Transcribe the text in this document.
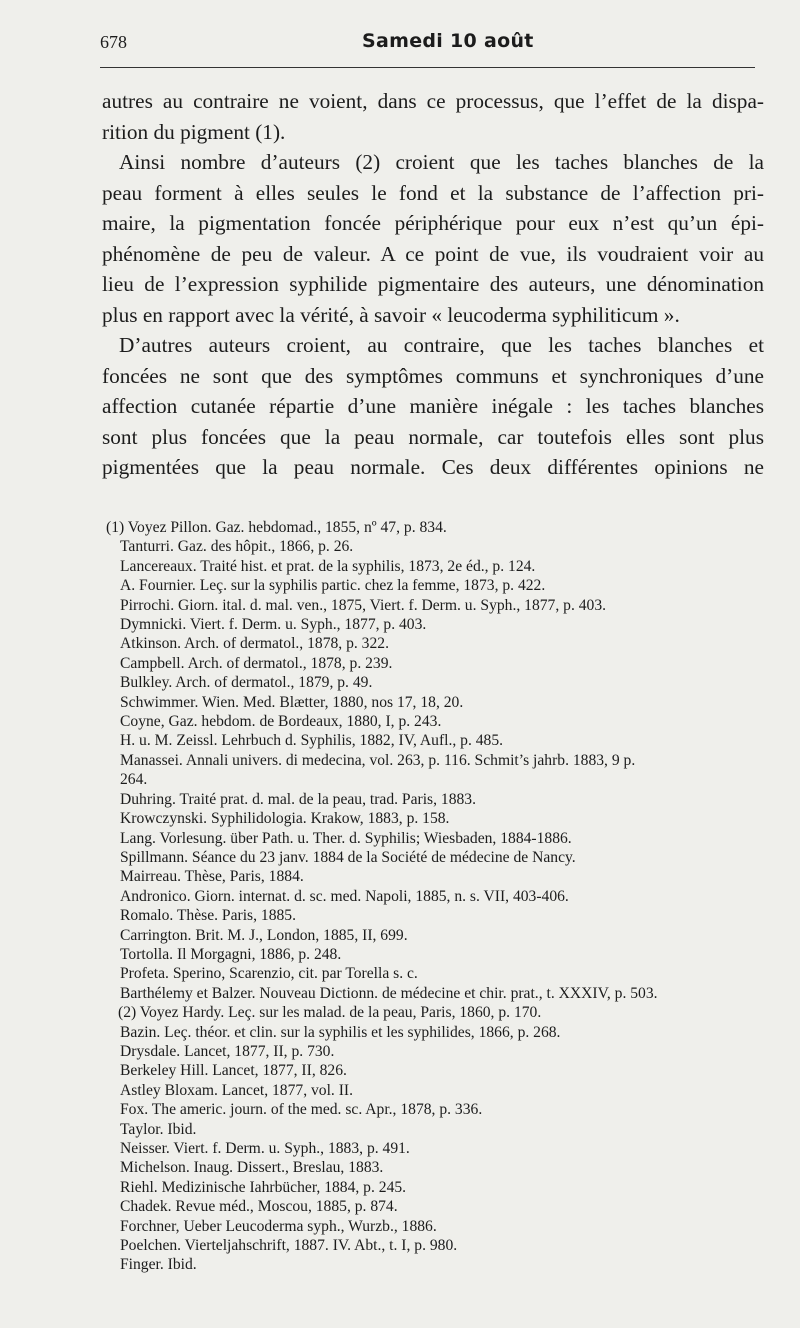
678	Samedi 10 août
autres au contraire ne voient, dans ce processus, que l’effet de la dispa-
rition du pigment (1).
Ainsi nombre d’auteurs (2) croient que les taches blanches de la
peau forment à elles seules le fond et la substance de l’affection pri-
maire, la pigmentation foncée périphérique pour eux n’est qu’un épi-
phénomène de peu de valeur. A ce point de vue, ils voudraient voir au
lieu de l’expression syphilide pigmentaire des auteurs, une dénomination
plus en rapport avec la vérité, à savoir « leucoderma syphiliticum ».
D’autres auteurs croient, au contraire, que les taches blanches et
foncées ne sont que des symptômes communs et synchroniques d’une
affection cutanée répartie d’une manière inégale : les taches blanches
sont plus foncées que la peau normale, car toutefois elles sont plus
pigmentées que la peau normale. Ces deux différentes opinions ne
(1) Voyez Pillon. Gaz. hebdomad., 1855, nº 47, p. 834.
Tanturri. Gaz. des hôpit., 1866, p. 26.
Lancereaux. Traité hist. et prat. de la syphilis, 1873, 2e éd., p. 124.
A. Fournier. Leç. sur la syphilis partic. chez la femme, 1873, p. 422.
Pirrochi. Giorn. ital. d. mal. ven., 1875, Viert. f. Derm. u. Syph., 1877, p. 403.
Dymnicki. Viert. f. Derm. u. Syph., 1877, p. 403.
Atkinson. Arch. of dermatol., 1878, p. 322.
Campbell. Arch. of dermatol., 1878, p. 239.
Bulkley. Arch. of dermatol., 1879, p. 49.
Schwimmer. Wien. Med. Blætter, 1880, nos 17, 18, 20.
Coyne, Gaz. hebdom. de Bordeaux, 1880, I, p. 243.
H. u. M. Zeissl. Lehrbuch d. Syphilis, 1882, IV, Aufl., p. 485.
Manassei. Annali univers. di medecina, vol. 263, p. 116. Schmit’s jahrb. 1883, 9 p.
264.
Duhring. Traité prat. d. mal. de la peau, trad. Paris, 1883.
Krowczynski. Syphilidologia. Krakow, 1883, p. 158.
Lang. Vorlesung. über Path. u. Ther. d. Syphilis; Wiesbaden, 1884-1886.
Spillmann. Séance du 23 janv. 1884 de la Société de médecine de Nancy.
Mairreau. Thèse, Paris, 1884.
Andronico. Giorn. internat. d. sc. med. Napoli, 1885, n. s. VII, 403-406.
Romalo. Thèse. Paris, 1885.
Carrington. Brit. M. J., London, 1885, II, 699.
Tortolla. Il Morgagni, 1886, p. 248.
Profeta. Sperino, Scarenzio, cit. par Torella s. c.
Barthélemy et Balzer. Nouveau Dictionn. de médecine et chir. prat., t. XXXIV, p. 503.
(2) Voyez Hardy. Leç. sur les malad. de la peau, Paris, 1860, p. 170.
Bazin. Leç. théor. et clin. sur la syphilis et les syphilides, 1866, p. 268.
Drysdale. Lancet, 1877, II, p. 730.
Berkeley Hill. Lancet, 1877, II, 826.
Astley Bloxam. Lancet, 1877, vol. II.
Fox. The americ. journ. of the med. sc. Apr., 1878, p. 336.
Taylor. Ibid.
Neisser. Viert. f. Derm. u. Syph., 1883, p. 491.
Michelson. Inaug. Dissert., Breslau, 1883.
Riehl. Medizinische Iahrbücher, 1884, p. 245.
Chadek. Revue méd., Moscou, 1885, p. 874.
Forchner, Ueber Leucoderma syph., Wurzb., 1886.
Poelchen. Vierteljahschrift, 1887. IV. Abt., t. I, p. 980.
Finger. Ibid.
